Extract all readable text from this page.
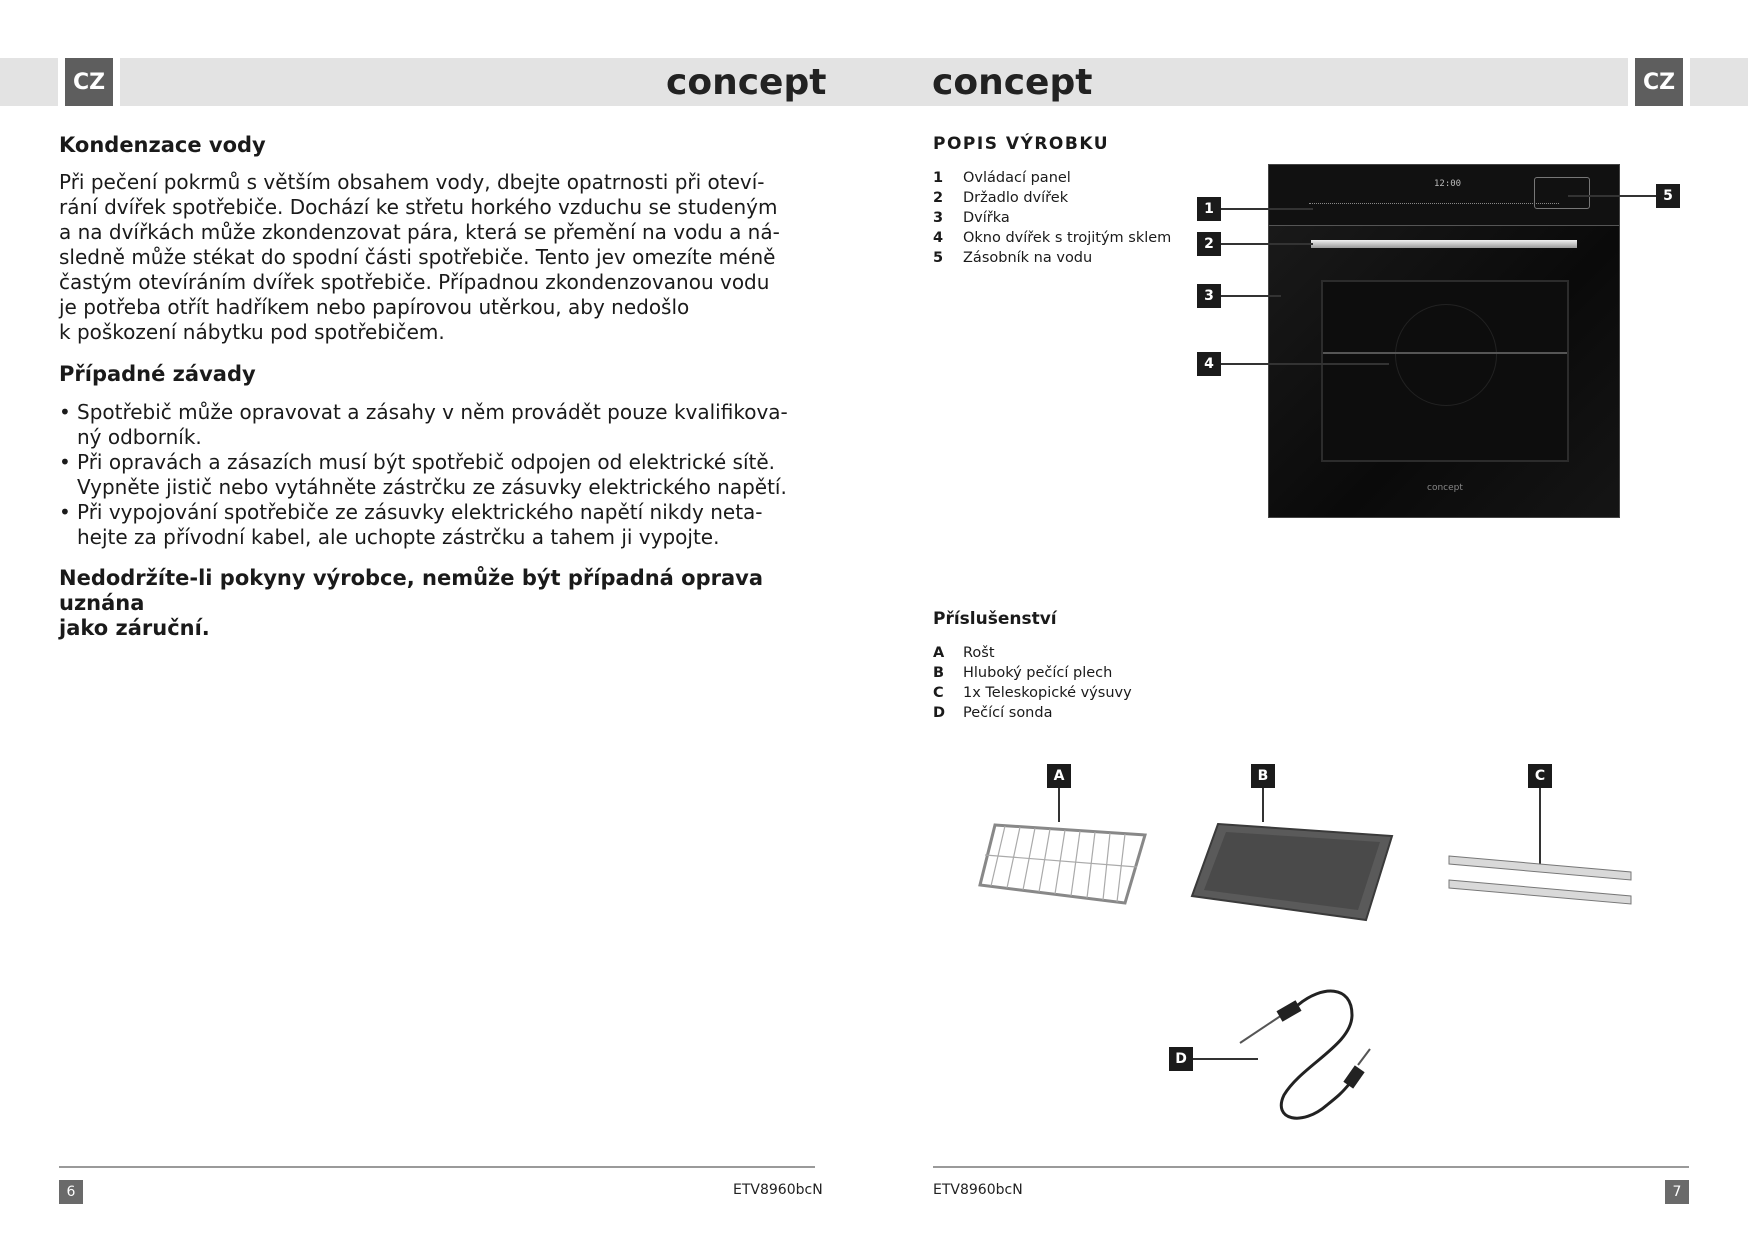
CZ	concept	concept	CZ
Kondenzace vody
Při pečení pokrmů s větším obsahem vody, dbejte opatrnosti při oteví-
rání dvířek spotřebiče. Dochází ke střetu horkého vzduchu se studeným
a na dvířkách může zkondenzovat pára, která se přemění na vodu a ná-
sledně může stékat do spodní části spotřebiče. Tento jev omezíte méně
častým otevíráním dvířek spotřebiče. Případnou zkondenzovanou vodu
je potřeba otřít hadříkem nebo papírovou utěrkou, aby nedošlo
k poškození nábytku pod spotřebičem.
Případné závady
• Spotřebič může opravovat a zásahy v něm provádět pouze kvalifikova-
ný odborník.
• Při opravách a zásazích musí být spotřebič odpojen od elektrické sítě.
Vypněte jistič nebo vytáhněte zástrčku ze zásuvky elektrického napětí.
• Při vypojování spotřebiče ze zásuvky elektrického napětí nikdy neta-
hejte za přívodní kabel, ale uchopte zástrčku a tahem ji vypojte.
Nedodržíte-li pokyny výrobce, nemůže být případná oprava uznána
jako záruční.
POPIS VÝROBKU
1 Ovládací panel
2 Držadlo dvířek
3 Dvířka
4 Okno dvířek s trojitým sklem
5 Zásobník na vodu
12:00
concept
1
2
3
4
5
Příslušenství
A Rošt
B Hluboký pečící plech
C 1x Teleskopické výsuvy
D Pečící sonda
A	B	C
D
6	ETV8960bcN	ETV8960bcN	7
